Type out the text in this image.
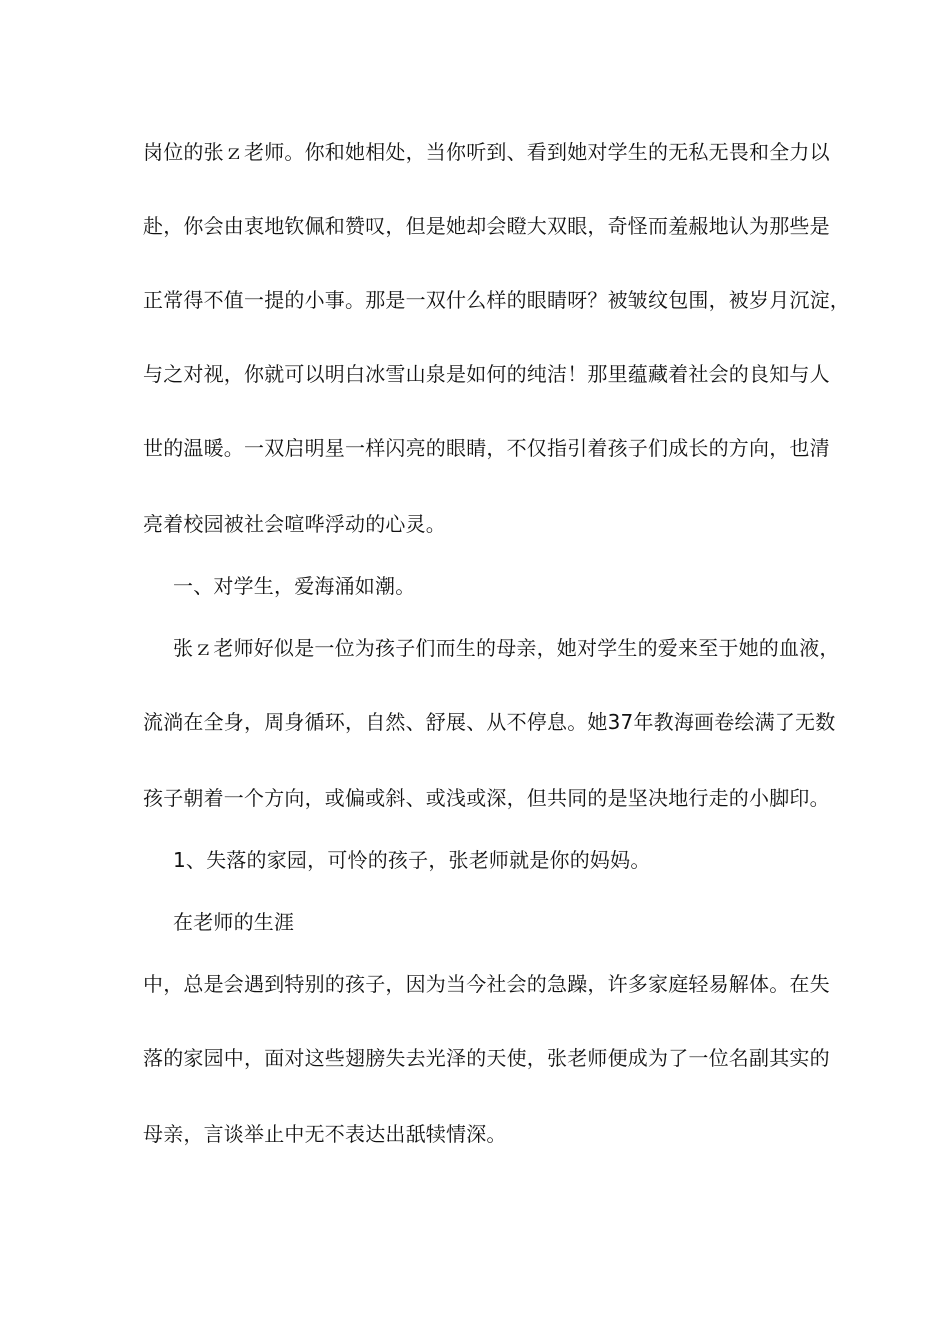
岗位的张ｚ老师。你和她相处，当你听到、看到她对学生的无私无畏和全力以
赴，你会由衷地钦佩和赞叹，但是她却会瞪大双眼，奇怪而羞赧地认为那些是
正常得不值一提的小事。那是一双什么样的眼睛呀？被皱纹包围，被岁月沉淀，
与之对视，你就可以明白冰雪山泉是如何的纯洁！那里蕴藏着社会的良知与人
世的温暖。一双启明星一样闪亮的眼睛，不仅指引着孩子们成长的方向，也清
亮着校园被社会喧哗浮动的心灵。
一、对学生，爱海涌如潮。
张ｚ老师好似是一位为孩子们而生的母亲，她对学生的爱来至于她的血液，
流淌在全身，周身循环，自然、舒展、从不停息。她37年教海画卷绘满了无数
孩子朝着一个方向，或偏或斜、或浅或深，但共同的是坚决地行走的小脚印。
1、失落的家园，可怜的孩子，张老师就是你的妈妈。
在老师的生涯
中，总是会遇到特别的孩子，因为当今社会的急躁，许多家庭轻易解体。在失
落的家园中，面对这些翅膀失去光泽的天使，张老师便成为了一位名副其实的
母亲，言谈举止中无不表达出舐犊情深。
